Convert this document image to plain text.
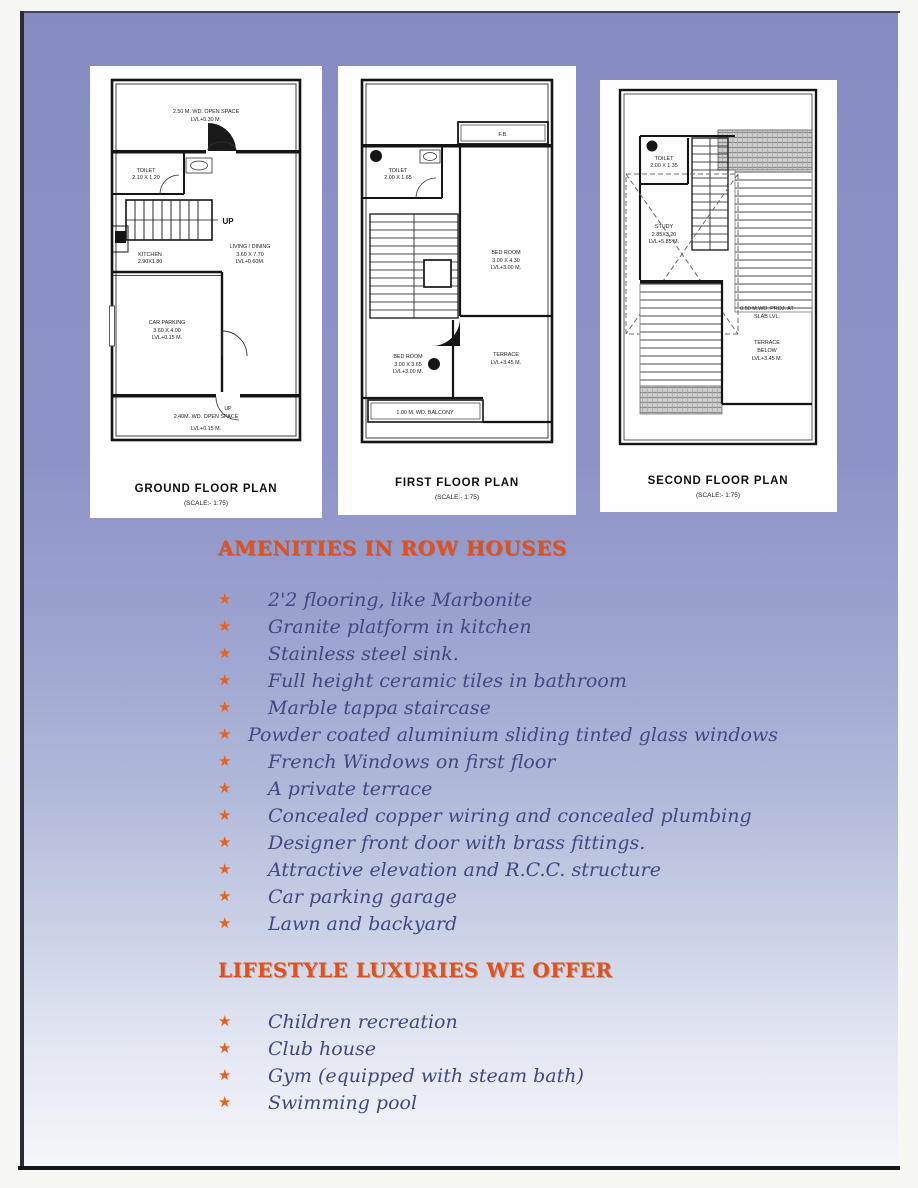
2.50 M. WD. OPEN SPACE
LVL+0.30 M.
TOILET
2.10 X 1.20
UP
KITCHEN
2.90X1.80
LIVING / DINING
3.60 X 7.70
LVL+0.60M.
CAR PARKING
3.60 X 4.00
LVL+0.15 M.
UP
2.40M. WD. OPEN SPACE
LVL+0.15 M.
GROUND FLOOR PLAN
(SCALE:- 1:75)
F.B.
TOILET
2.00 X 1.65
BED ROOM
3.00 X 4.30
LVL+3.00 M.
BED ROOM
3.00 X 3.65
LVL+3.00 M.
TERRACE
LVL+3.45 M.
1.00 M. WD. BALCONY
FIRST FLOOR PLAN
(SCALE:- 1:75)
TOILET
2.00 X 1.35
STUDY
2.85X3.20
LVL+5.85 M.
0.50 M.WD. PROJ. AT
SLAB LVL.
TERRACE
BELOW
LVL+3.45 M.
SECOND FLOOR PLAN
(SCALE:- 1:75)
AMENITIES IN ROW HOUSES
★	2'2 flooring, like Marbonite
★	Granite platform in kitchen
★	Stainless steel sink.
★	Full height ceramic tiles in bathroom
★	Marble tappa staircase
★ Powder coated aluminium sliding tinted glass windows
★	French Windows on first floor
★	A private terrace
★	Concealed copper wiring and concealed plumbing
★	Designer front door with brass fittings.
★	Attractive elevation and R.C.C. structure
★	Car parking garage
★	Lawn and backyard
LIFESTYLE LUXURIES WE OFFER
★	Children recreation
★	Club house
★	Gym (equipped with steam bath)
★	Swimming pool
